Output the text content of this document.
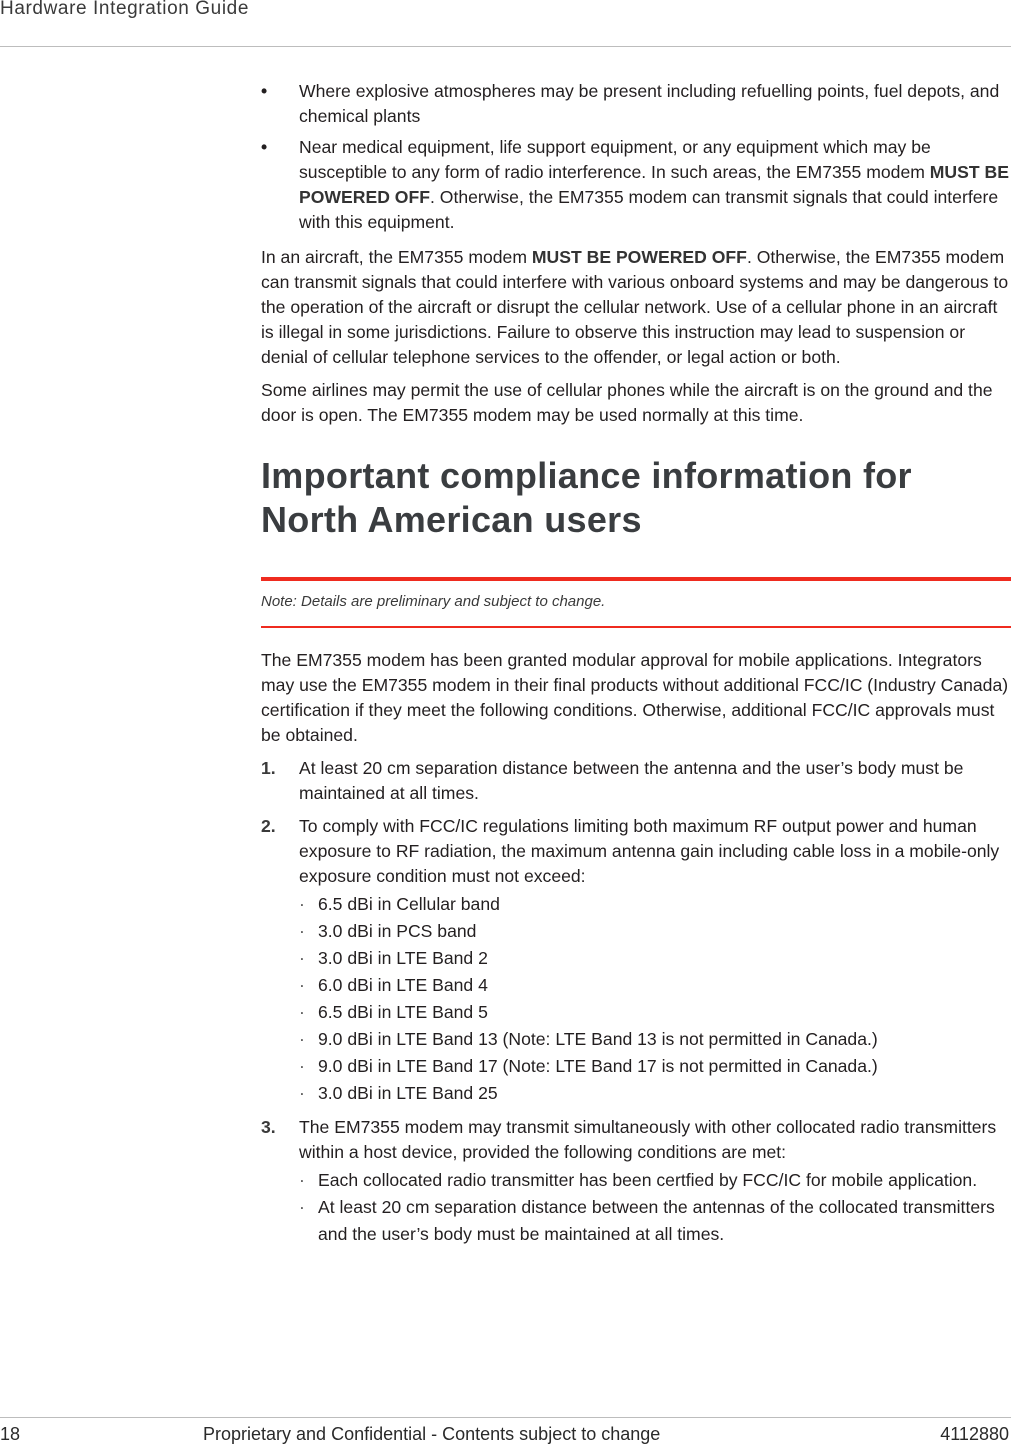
Hardware Integration Guide
• Where explosive atmospheres may be present including refuelling points, fuel depots, and chemical plants
• Near medical equipment, life support equipment, or any equipment which may be susceptible to any form of radio interference. In such areas, the EM7355 modem MUST BE POWERED OFF. Otherwise, the EM7355 modem can transmit signals that could interfere with this equipment.

In an aircraft, the EM7355 modem MUST BE POWERED OFF. Otherwise, the EM7355 modem can transmit signals that could interfere with various onboard systems and may be dangerous to the operation of the aircraft or disrupt the cellular network. Use of a cellular phone in an aircraft is illegal in some jurisdictions. Failure to observe this instruction may lead to suspension or denial of cellular telephone services to the offender, or legal action or both.

Some airlines may permit the use of cellular phones while the aircraft is on the ground and the door is open. The EM7355 modem may be used normally at this time.

Important compliance information for North American users
Note: Details are preliminary and subject to change.

The EM7355 modem has been granted modular approval for mobile applications. Integrators may use the EM7355 modem in their final products without additional FCC/IC (Industry Canada) certification if they meet the following conditions. Otherwise, additional FCC/IC approvals must be obtained.

1. At least 20 cm separation distance between the antenna and the user’s body must be maintained at all times.
2. To comply with FCC/IC regulations limiting both maximum RF output power and human exposure to RF radiation, the maximum antenna gain including cable loss in a mobile-only exposure condition must not exceed:
· 6.5 dBi in Cellular band
· 3.0 dBi in PCS band
· 3.0 dBi in LTE Band 2
· 6.0 dBi in LTE Band 4
· 6.5 dBi in LTE Band 5
· 9.0 dBi in LTE Band 13 (Note: LTE Band 13 is not permitted in Canada.)
· 9.0 dBi in LTE Band 17 (Note: LTE Band 17 is not permitted in Canada.)
· 3.0 dBi in LTE Band 25
3. The EM7355 modem may transmit simultaneously with other collocated radio transmitters within a host device, provided the following conditions are met:
· Each collocated radio transmitter has been certfied by FCC/IC for mobile application.
· At least 20 cm separation distance between the antennas of the collocated transmitters and the user’s body must be maintained at all times.
18	Proprietary and Confidential - Contents subject to change	4112880
